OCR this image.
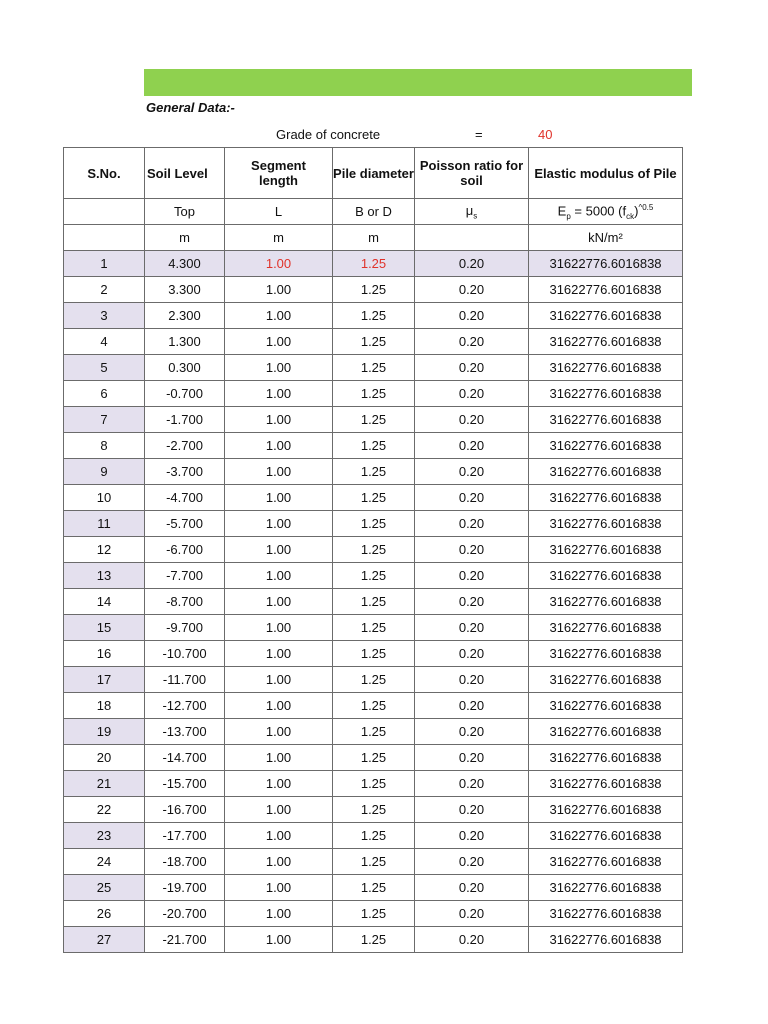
General Data:-
Grade of concrete	=	40
S.No.	Soil Level	Segment length	Pile diameter	Poisson ratio for soil	Elastic modulus of Pile
	Top	L	B or D	$\mu_s$	$E_p = 5000$ $(f_{ck})^{\^{}0.5}$
	m	m	m		kN/m²
1	4.300	1.00	1.25	0.20	31622776.6016838
2	3.300	1.00	1.25	0.20	31622776.6016838
3	2.300	1.00	1.25	0.20	31622776.6016838
4	1.300	1.00	1.25	0.20	31622776.6016838
5	0.300	1.00	1.25	0.20	31622776.6016838
6	-0.700	1.00	1.25	0.20	31622776.6016838
7	-1.700	1.00	1.25	0.20	31622776.6016838
8	-2.700	1.00	1.25	0.20	31622776.6016838
9	-3.700	1.00	1.25	0.20	31622776.6016838
10	-4.700	1.00	1.25	0.20	31622776.6016838
11	-5.700	1.00	1.25	0.20	31622776.6016838
12	-6.700	1.00	1.25	0.20	31622776.6016838
13	-7.700	1.00	1.25	0.20	31622776.6016838
14	-8.700	1.00	1.25	0.20	31622776.6016838
15	-9.700	1.00	1.25	0.20	31622776.6016838
16	-10.700	1.00	1.25	0.20	31622776.6016838
17	-11.700	1.00	1.25	0.20	31622776.6016838
18	-12.700	1.00	1.25	0.20	31622776.6016838
19	-13.700	1.00	1.25	0.20	31622776.6016838
20	-14.700	1.00	1.25	0.20	31622776.6016838
21	-15.700	1.00	1.25	0.20	31622776.6016838
22	-16.700	1.00	1.25	0.20	31622776.6016838
23	-17.700	1.00	1.25	0.20	31622776.6016838
24	-18.700	1.00	1.25	0.20	31622776.6016838
25	-19.700	1.00	1.25	0.20	31622776.6016838
26	-20.700	1.00	1.25	0.20	31622776.6016838
27	-21.700	1.00	1.25	0.20	31622776.6016838
